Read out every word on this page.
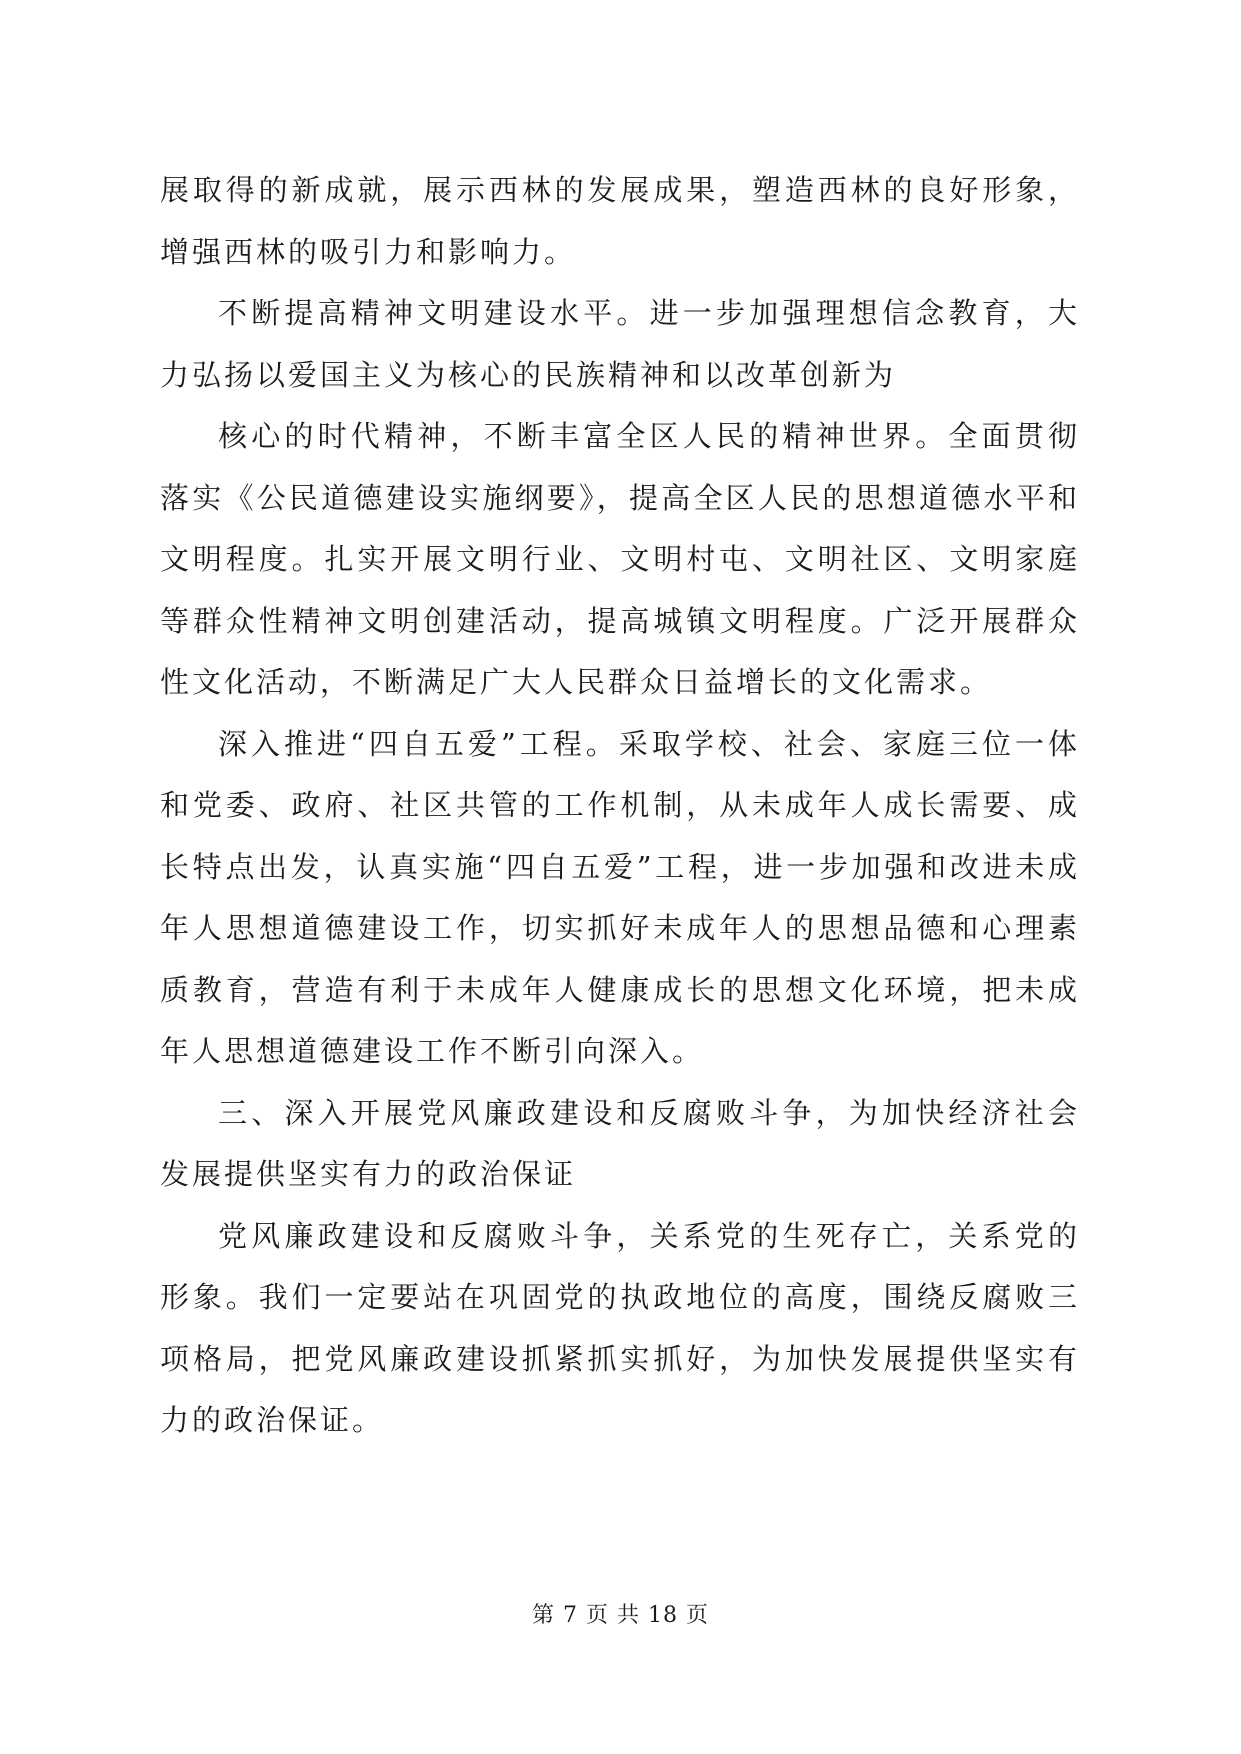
展取得的新成就，展示西林的发展成果，塑造西林的良好形象，增强西林的吸引力和影响力。

不断提高精神文明建设水平。进一步加强理想信念教育，大力弘扬以爱国主义为核心的民族精神和以改革创新为

核心的时代精神，不断丰富全区人民的精神世界。全面贯彻落实《公民道德建设实施纲要》，提高全区人民的思想道德水平和文明程度。扎实开展文明行业、文明村屯、文明社区、文明家庭等群众性精神文明创建活动，提高城镇文明程度。广泛开展群众性文化活动，不断满足广大人民群众日益增长的文化需求。

深入推进“四自五爱”工程。采取学校、社会、家庭三位一体和党委、政府、社区共管的工作机制，从未成年人成长需要、成长特点出发，认真实施“四自五爱”工程，进一步加强和改进未成年人思想道德建设工作，切实抓好未成年人的思想品德和心理素质教育，营造有利于未成年人健康成长的思想文化环境，把未成年人思想道德建设工作不断引向深入。

三、深入开展党风廉政建设和反腐败斗争，为加快经济社会发展提供坚实有力的政治保证

党风廉政建设和反腐败斗争，关系党的生死存亡，关系党的形象。我们一定要站在巩固党的执政地位的高度，围绕反腐败三项格局，把党风廉政建设抓紧抓实抓好，为加快发展提供坚实有力的政治保证。

第 7 页 共 18 页
